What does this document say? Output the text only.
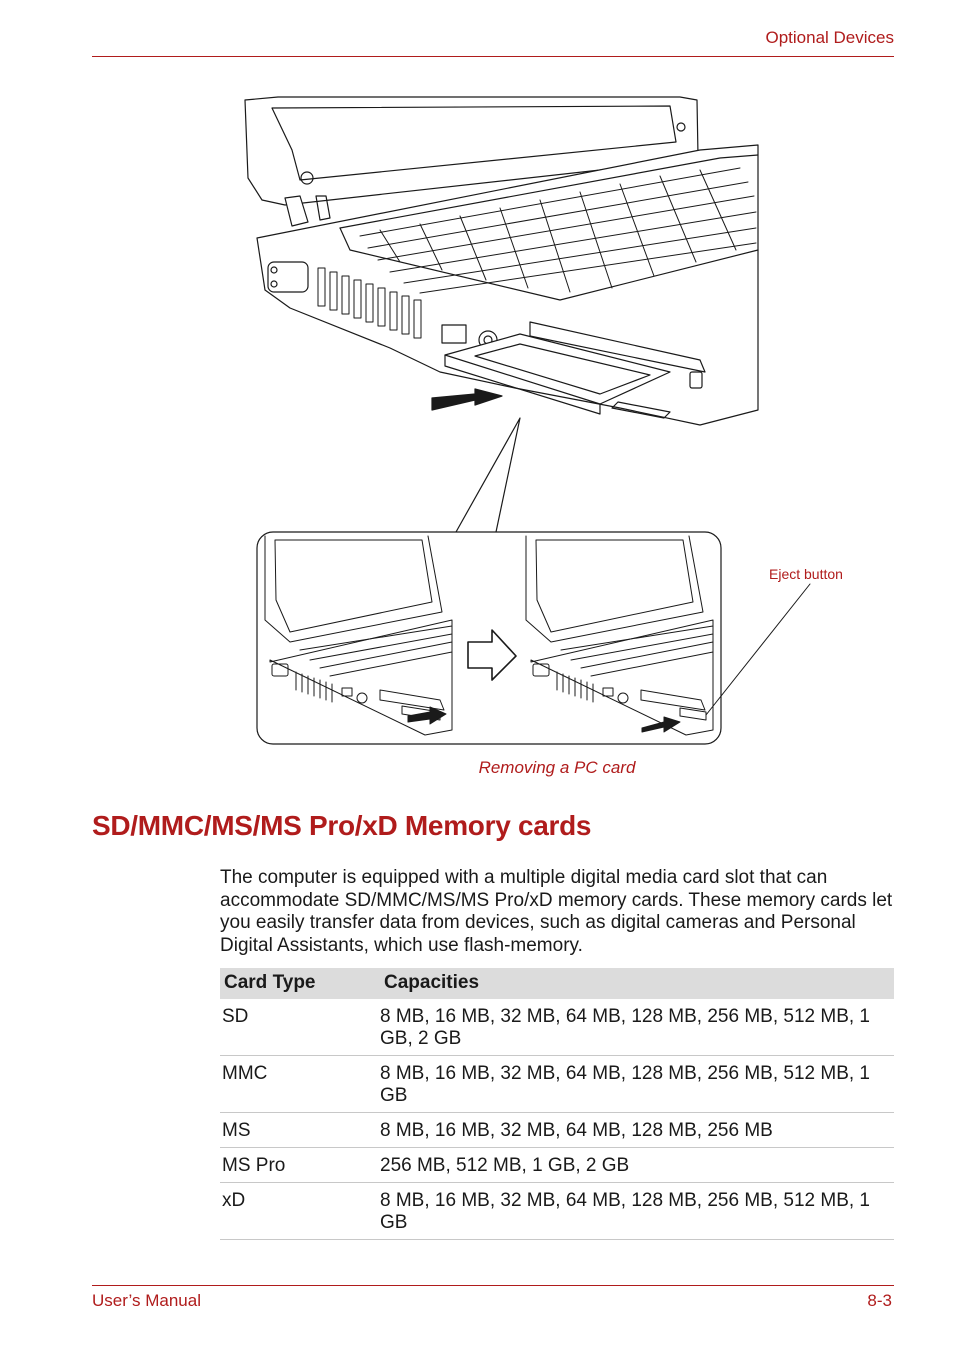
Optional Devices
Eject button
Removing a PC card
SD/MMC/MS/MS Pro/xD Memory cards

The computer is equipped with a multiple digital media card slot that can accommodate SD/MMC/MS/MS Pro/xD memory cards. These memory cards let you easily transfer data from devices, such as digital cameras and Personal Digital Assistants, which use flash-memory.

Card Type	Capacities
SD	8 MB, 16 MB, 32 MB, 64 MB, 128 MB, 256 MB, 512 MB, 1 GB, 2 GB
MMC	8 MB, 16 MB, 32 MB, 64 MB, 128 MB, 256 MB, 512 MB, 1 GB
MS	8 MB, 16 MB, 32 MB, 64 MB, 128 MB, 256 MB
MS Pro	256 MB, 512 MB, 1 GB, 2 GB
xD	8 MB, 16 MB, 32 MB, 64 MB, 128 MB, 256 MB, 512 MB, 1 GB
User’s Manual	8-3
